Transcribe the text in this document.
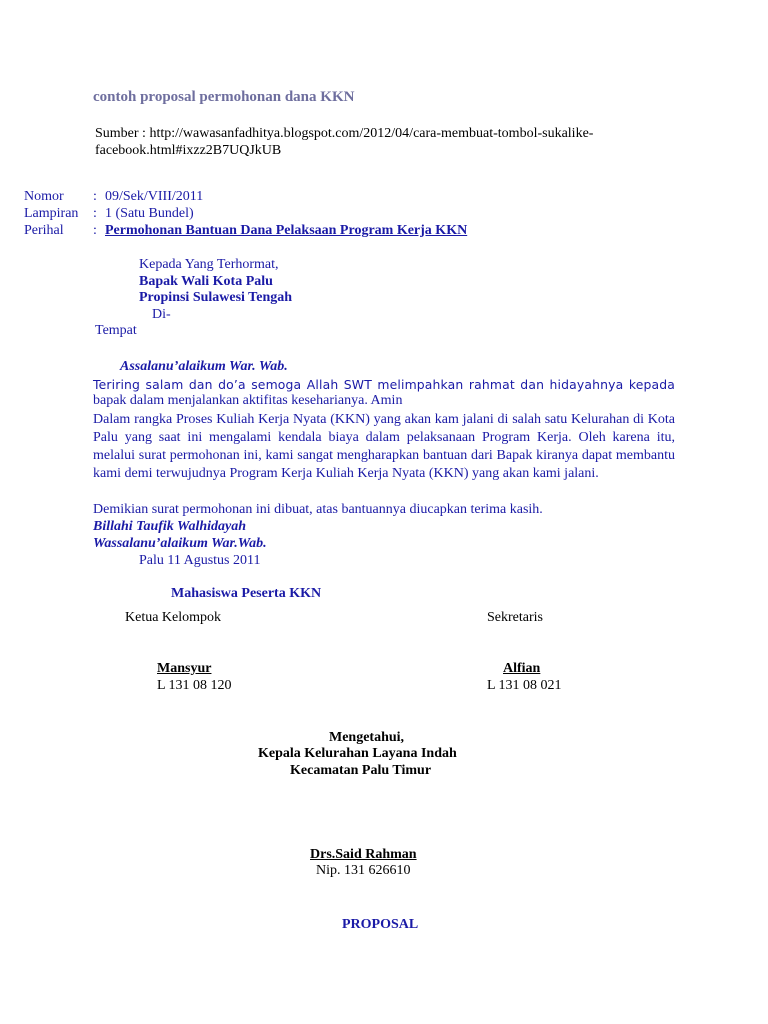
contoh proposal permohonan dana KKN
Sumber : http://wawasanfadhitya.blogspot.com/2012/04/cara-membuat-tombol-sukalike-facebook.html#ixzz2B7UQJkUB
Nomor : 09/Sek/VIII/2011
Lampiran : 1 (Satu Bundel)
Perihal : Permohonan Bantuan Dana Pelaksaan Program Kerja KKN
Kepada Yang Terhormat,
Bapak Wali Kota Palu
Propinsi Sulawesi Tengah
Di-
Tempat
Assalanu’alaikum War. Wab.
Teriring salam dan do’a semoga Allah SWT melimpahkan rahmat dan hidayahnya kepada
bapak dalam menjalankan aktifitas keseharianya. Amin
Dalam rangka Proses Kuliah Kerja Nyata (KKN) yang akan kam jalani di salah satu Kelurahan di Kota Palu yang saat ini mengalami kendala biaya dalam pelaksanaan Program Kerja. Oleh karena itu, melalui surat permohonan ini, kami sangat mengharapkan bantuan dari Bapak kiranya dapat membantu kami demi terwujudnya Program Kerja Kuliah Kerja Nyata (KKN) yang akan kami jalani.
Demikian surat permohonan ini dibuat, atas bantuannya diucapkan terima kasih.
Billahi Taufik Walhidayah
Wassalanu’alaikum War.Wab.
Palu 11 Agustus 2011
Mahasiswa Peserta KKN
Ketua Kelompok	Sekretaris
Mansyur
L 131 08 120
Alfian
L 131 08 021
Mengetahui,
Kepala Kelurahan Layana Indah
Kecamatan Palu Timur
Drs.Said Rahman
Nip. 131 626610
PROPOSAL
